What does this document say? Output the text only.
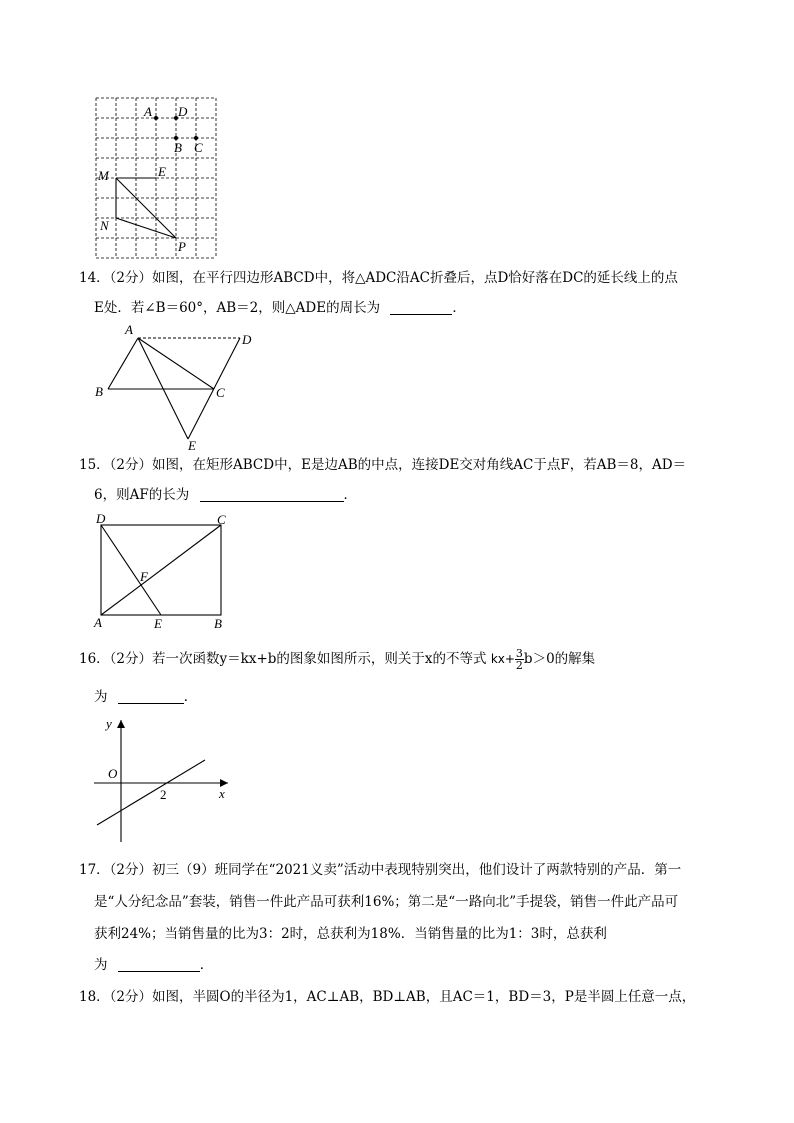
A D
B C
M	E
N
P
14．（2分）如图，在平行四边形ABCD中，将△ADC沿AC折叠后，点D恰好落在DC的延长线上的点
E处．若∠B＝60°，AB＝2，则△ADE的周长为	．
A
D
B	C
E
15．（2分）如图，在矩形ABCD中，E是边AB的中点，连接DE交对角线AC于点F，若AB＝8，AD＝
6，则AF的长为	．
D	C
F
A	E	B
16．（2分）若一次函数y＝kx+b的图象如图所示，则关于x的不等式 $kx+ \frac{3}{2} b>0$的解集
为	．
y
O
2	x
17．（2分）初三（9）班同学在“2021义卖”活动中表现特别突出，他们设计了两款特别的产品．第一
是“人分纪念品”套装，销售一件此产品可获利16%；第二是“一路向北”手提袋，销售一件此产品可
获利24%；当销售量的比为3：2时，总获利为18%．当销售量的比为1：3时，总获利
为	．
18．（2分）如图，半圆O的半径为1，AC⊥AB，BD⊥AB，且AC＝1，BD＝3，P是半圆上任意一点，
